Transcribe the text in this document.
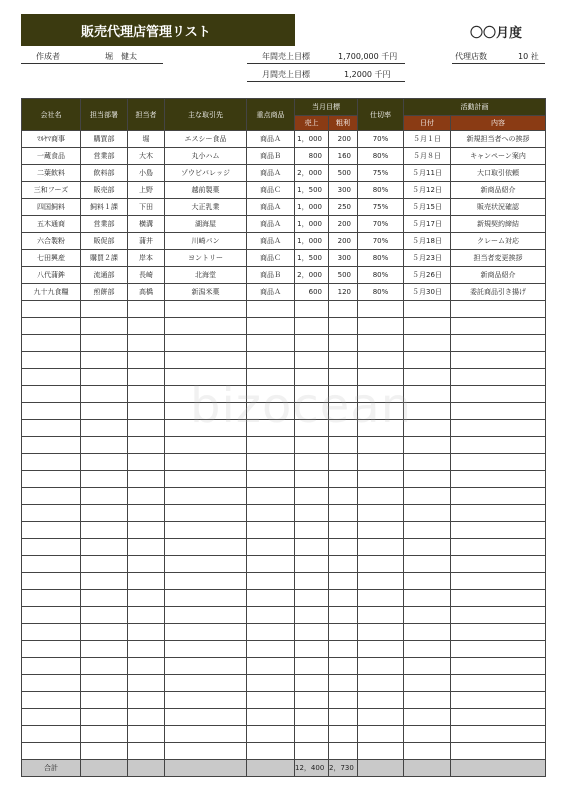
販売代理店管理リスト	〇〇月度
作成者	堀　健太	年間売上目標	1,700,000 千円
月間売上目標	1,2000 千円
代理店数	10 社
会社名	担当部署	担当者	主な取引先	重点商品	当月目標		仕切率	活動計画	
					売上	粗利		日付	内容
ﾏﾙﾔﾏ商事	購買部	堀	エスシー食品	商品Ａ	1，000	200	70%	５月１日	新規担当者への挨拶
一蔵食品	営業部	大木	丸小ハム	商品Ｂ	800	160	80%	５月８日	キャンペーン案内
二葉飲料	飲料部	小島	ゾウビバレッジ	商品Ａ	2，000	500	75%	５月11日	大口取引依頼
三和フーズ	販売部	上野	越前製菓	商品Ｃ	1，500	300	80%	５月12日	新商品紹介
四国飼料	飼料１課	下田	大正乳業	商品Ａ	1，000	250	75%	５月15日	販売状況確認
五木通商	営業部	横溝	湖海屋	商品Ａ	1，000	200	70%	５月17日	新規契約締結
六合製粉	販促部	蒲井	川崎パン	商品Ａ	1，000	200	70%	５月18日	クレーム対応
七田興産	購買２課	岸本	ヨントリー	商品Ｃ	1，500	300	80%	５月23日	担当者変更挨拶
八代蒲鉾	流通部	長崎	北海堂	商品Ｂ	2，000	500	80%	５月26日	新商品紹介
九十九食糧	煎餅部	高橋	新潟米菓	商品Ａ	600	120	80%	５月30日	委託商品引き揚げ

合計					12，400	2，730			
bizocean
